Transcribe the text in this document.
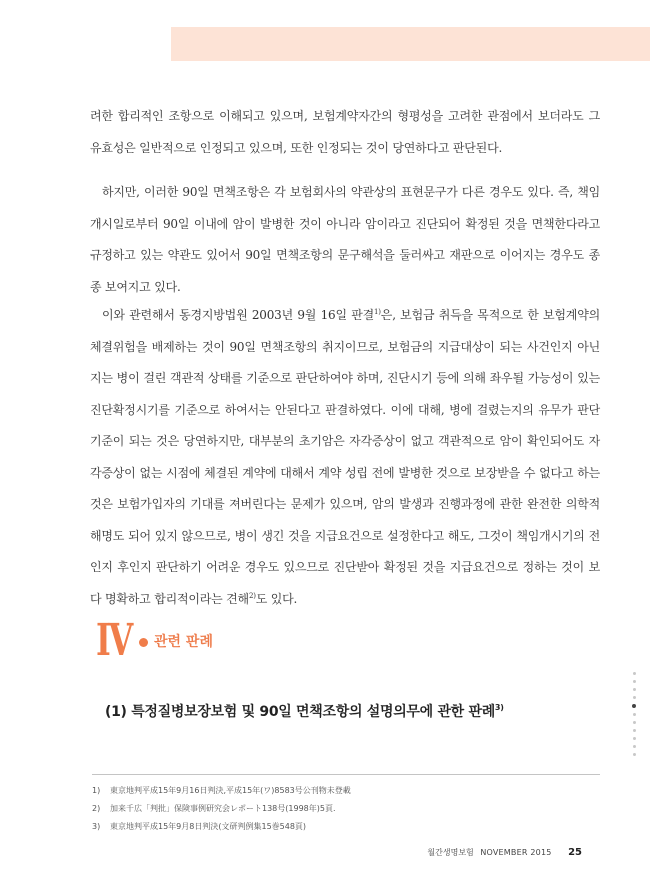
려한 합리적인 조항으로 이해되고 있으며, 보험계약자간의 형평성을 고려한 관점에서 보더라도 그 유효성은 일반적으로 인정되고 있으며, 또한 인정되는 것이 당연하다고 판단된다.

하지만, 이러한 90일 면책조항은 각 보험회사의 약관상의 표현문구가 다른 경우도 있다. 즉, 책임개시일로부터 90일 이내에 암이 발병한 것이 아니라 암이라고 진단되어 확정된 것을 면책한다라고 규정하고 있는 약관도 있어서 90일 면책조항의 문구해석을 둘러싸고 재판으로 이어지는 경우도 종종 보여지고 있다.

이와 관련해서 동경지방법원 2003년 9월 16일 판결$^{1)}$은, 보험금 취득을 목적으로 한 보험계약의 체결위험을 배제하는 것이 90일 면책조항의 취지이므로, 보험금의 지급대상이 되는 사건인지 아닌지는 병이 걸린 객관적 상태를 기준으로 판단하여야 하며, 진단시기 등에 의해 좌우될 가능성이 있는 진단확정시기를 기준으로 하여서는 안된다고 판결하였다. 이에 대해, 병에 걸렸는지의 유무가 판단기준이 되는 것은 당연하지만, 대부분의 초기암은 자각증상이 없고 객관적으로 암이 확인되어도 자각증상이 없는 시점에 체결된 계약에 대해서 계약 성립 전에 발병한 것으로 보장받을 수 없다고 하는 것은 보험가입자의 기대를 져버린다는 문제가 있으며, 암의 발생과 진행과정에 관한 완전한 의학적 해명도 되어 있지 않으므로, 병이 생긴 것을 지급요건으로 설정한다고 해도, 그것이 책임개시기의 전인지 후인지 판단하기 어려운 경우도 있으므로 진단받아 확정된 것을 지급요건으로 정하는 것이 보다 명확하고 합리적이라는 견해$^{2)}$도 있다.

IV 관련 판례
(1) 특정질병보장보험 및 90일 면책조항의 설명의무에 관한 판례$^{3)}$
1) 東京地判平成15年9月16日判決,平成15年(ワ)8583号公刊物未登載
2) 加来千広「判批」保険事例研究会レポート138号(1998年)5頁.
3) 東京地判平成15年9月8日判決(文研判例集15巻548頁)
월간생명보험 NOVEMBER 2015 25
